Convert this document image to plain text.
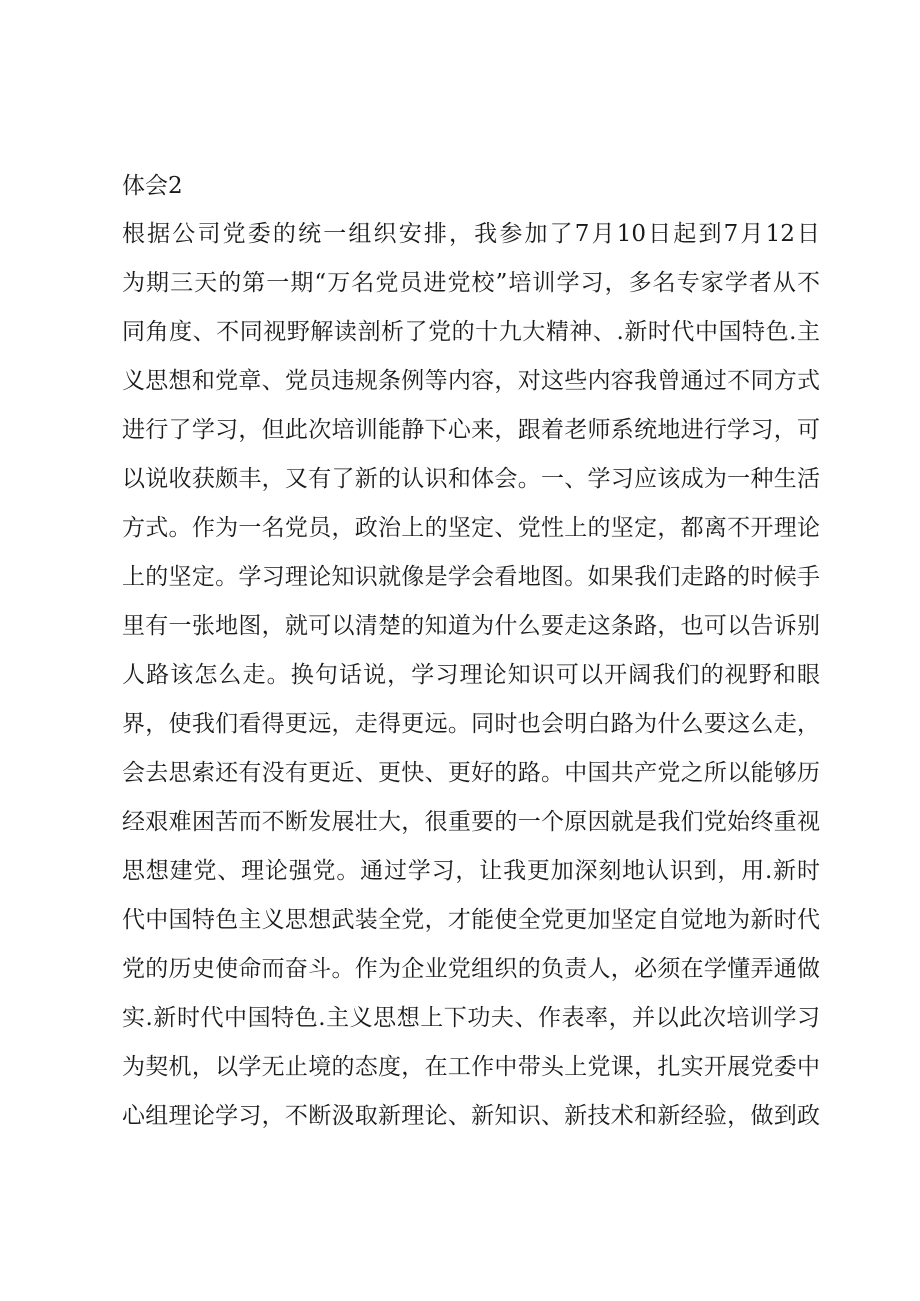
体会2
根据公司党委的统一组织安排，我参加了7月10日起到7月12日
为期三天的第一期“万名党员进党校”培训学习，多名专家学者从不
同角度、不同视野解读剖析了党的十九大精神、.新时代中国特色.主
义思想和党章、党员违规条例等内容，对这些内容我曾通过不同方式
进行了学习，但此次培训能静下心来，跟着老师系统地进行学习，可
以说收获颇丰，又有了新的认识和体会。一、学习应该成为一种生活
方式。作为一名党员，政治上的坚定、党性上的坚定，都离不开理论
上的坚定。学习理论知识就像是学会看地图。如果我们走路的时候手
里有一张地图，就可以清楚的知道为什么要走这条路，也可以告诉别
人路该怎么走。换句话说，学习理论知识可以开阔我们的视野和眼
界，使我们看得更远，走得更远。同时也会明白路为什么要这么走，
会去思索还有没有更近、更快、更好的路。中国共产党之所以能够历
经艰难困苦而不断发展壮大，很重要的一个原因就是我们党始终重视
思想建党、理论强党。通过学习，让我更加深刻地认识到，用.新时
代中国特色主义思想武装全党，才能使全党更加坚定自觉地为新时代
党的历史使命而奋斗。作为企业党组织的负责人，必须在学懂弄通做
实.新时代中国特色.主义思想上下功夫、作表率，并以此次培训学习
为契机，以学无止境的态度，在工作中带头上党课，扎实开展党委中
心组理论学习，不断汲取新理论、新知识、新技术和新经验，做到政
